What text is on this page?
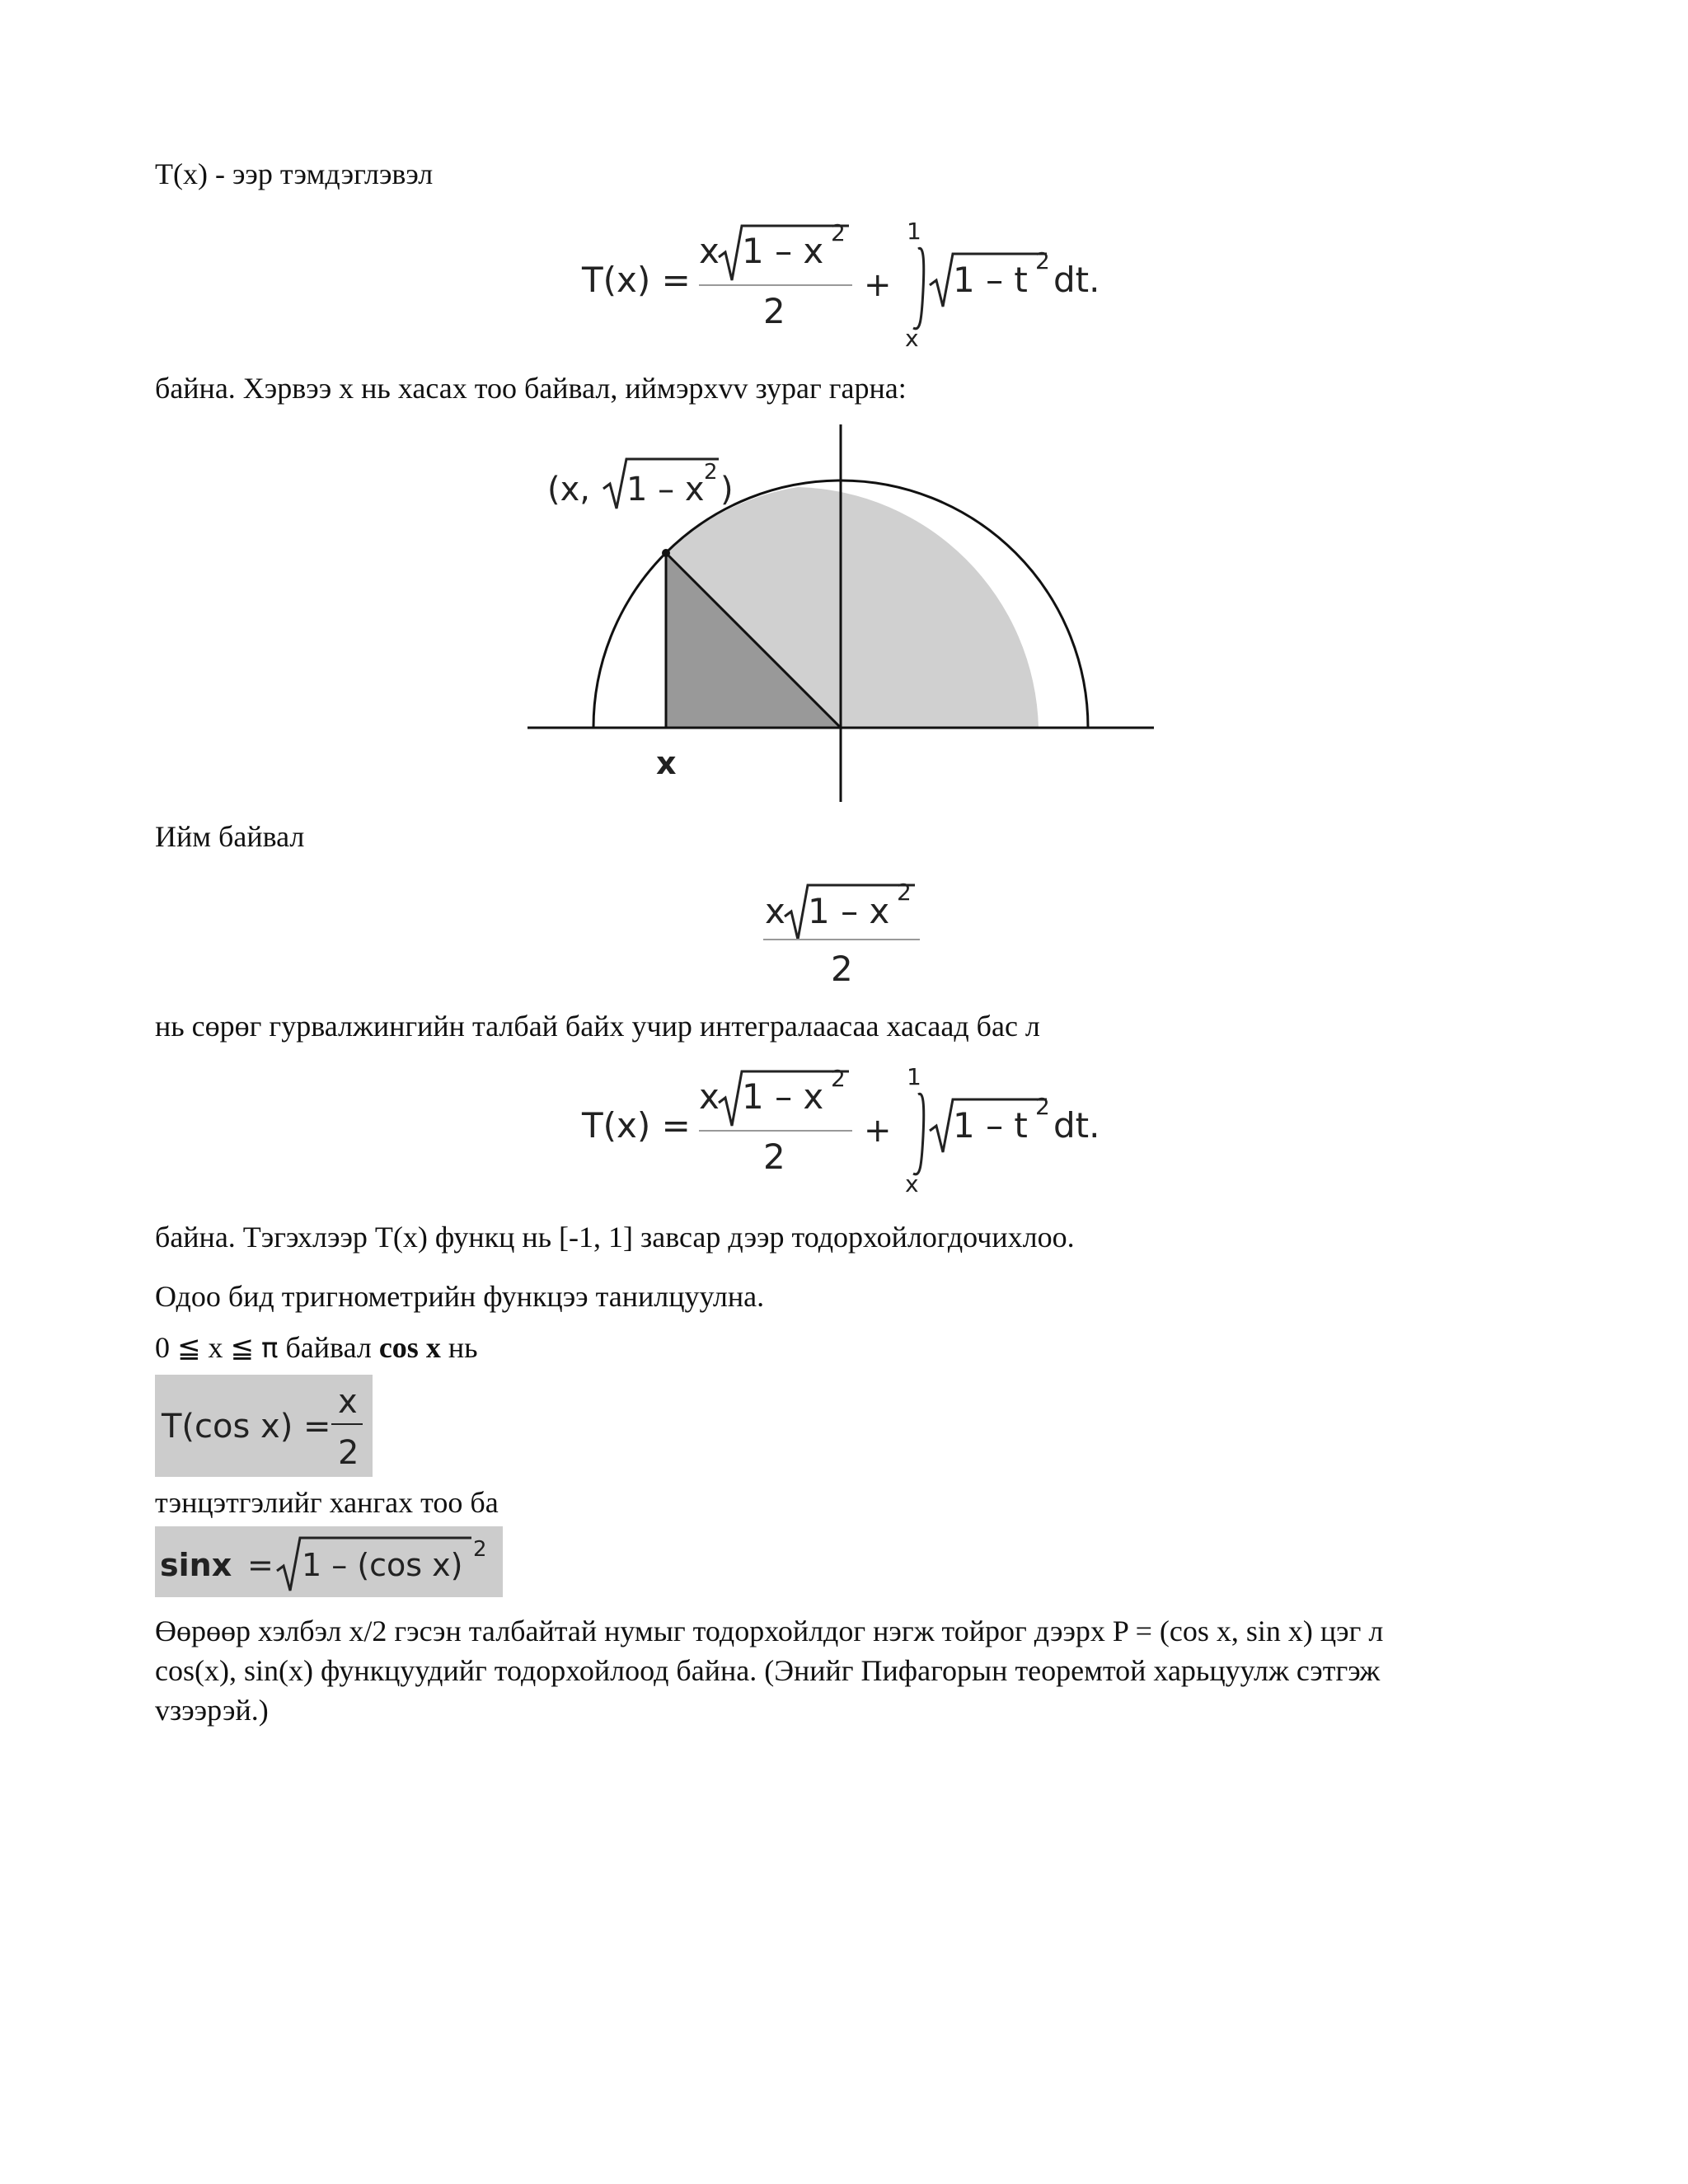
T(x) - ээр тэмдэглэвэл
T(x) =
x 1 – x 2
2
+
1
x
1 – t 2 dt.
байна. Хэрвээ x нь хасах тоо байвал, иймэрхvv зураг гарна:
(x, 1 – x 2 )
x
Ийм байвал
x 1 – x 2
2
нь сөрөг гурвалжингийн талбай байх учир интегралаасаа хасаад бас л
T(x) =
x 1 – x 2
2
+
1
x
1 – t 2 dt.
байна. Тэгэхлээр T(x) функц нь [-1, 1] завсар дээр тодорхойлогдочихлоо.
Одоо бид тригнометрийн функцээ танилцуулна.
0 ≦ x ≦ π байвал cos x нь
T(cos x) =
x
2
тэнцэтгэлийг хангах тоо ба
sinx = 1 – (cos x) 2
Өөрөөр хэлбэл x/2 гэсэн талбайтай нумыг тодорхойлдог нэгж тойрог дээрх P = (cos x, sin x) цэг л
cos(x), sin(x) функцуудийг тодорхойлоод байна. (Энийг Пифагорын теоремтой харьцуулж сэтгэж
vзээрэй.)
